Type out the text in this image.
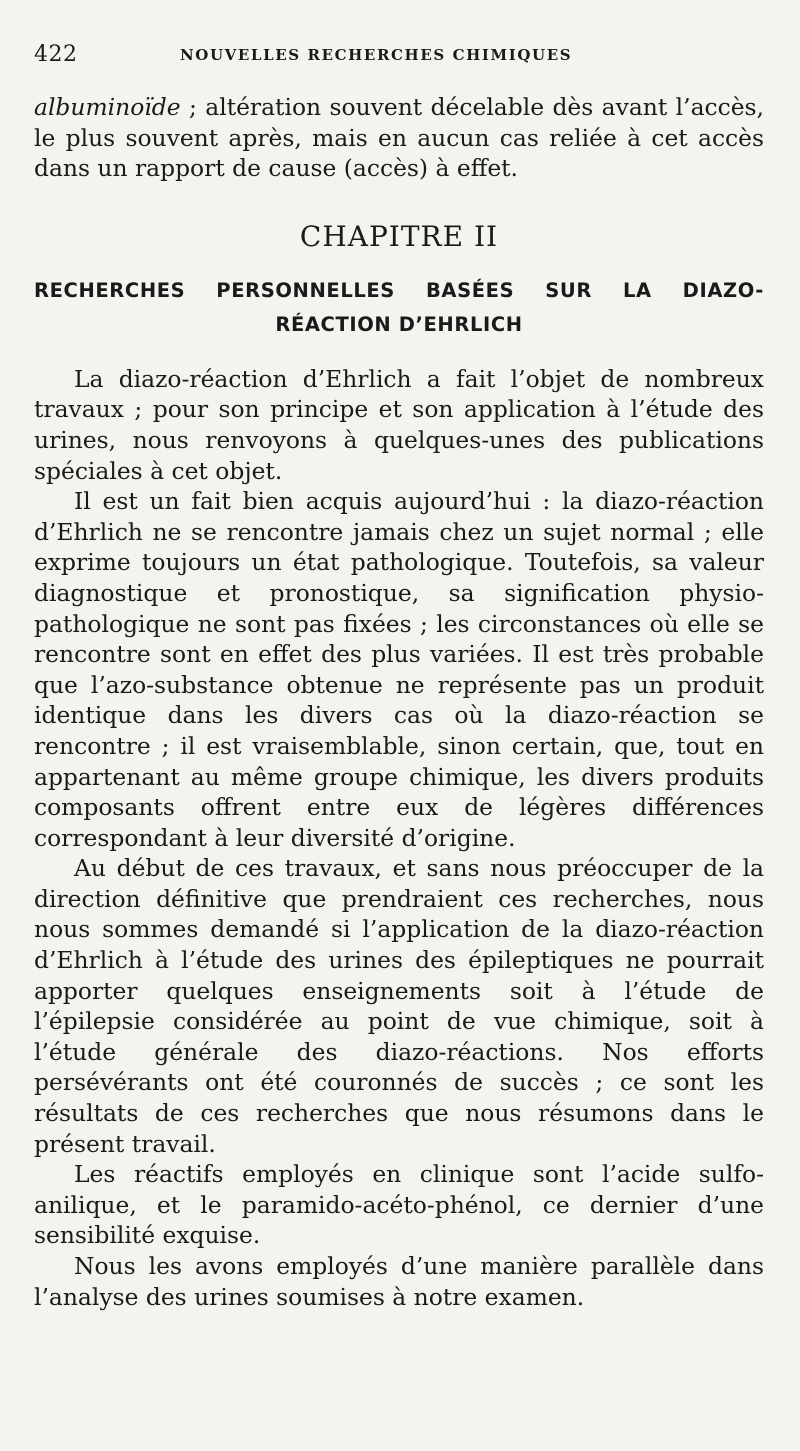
422	NOUVELLES RECHERCHES CHIMIQUES

albuminoïde ; altération souvent décelable dès avant l’accès, le plus souvent après, mais en aucun cas reliée à cet accès dans un rapport de cause (accès) à effet.

CHAPITRE II

RECHERCHES PERSONNELLES BASÉES SUR LA DIAZO-
RÉACTION D’EHRLICH

La diazo-réaction d’Ehrlich a fait l’objet de nombreux travaux ; pour son principe et son application à l’étude des urines, nous renvoyons à quelques-unes des publications spéciales à cet objet.

Il est un fait bien acquis aujourd’hui : la diazo-réaction d’Ehrlich ne se rencontre jamais chez un sujet normal ; elle exprime toujours un état pathologique. Toutefois, sa valeur diagnostique et pronostique, sa signification physio-pathologique ne sont pas fixées ; les circonstances où elle se rencontre sont en effet des plus variées. Il est très probable que l’azo-substance obtenue ne représente pas un produit identique dans les divers cas où la diazo-réaction se rencontre ; il est vraisemblable, sinon certain, que, tout en appartenant au même groupe chimique, les divers produits composants offrent entre eux de légères différences correspondant à leur diversité d’origine.

Au début de ces travaux, et sans nous préoccuper de la direction définitive que prendraient ces recherches, nous nous sommes demandé si l’application de la diazo-réaction d’Ehrlich à l’étude des urines des épileptiques ne pourrait apporter quelques enseignements soit à l’étude de l’épilepsie considérée au point de vue chimique, soit à l’étude générale des diazo-réactions. Nos efforts persévérants ont été couronnés de succès ; ce sont les résultats de ces recherches que nous résumons dans le présent travail.

Les réactifs employés en clinique sont l’acide sulfo-anilique, et le paramido-acéto-phénol, ce dernier d’une sensibilité exquise.

Nous les avons employés d’une manière parallèle dans l’analyse des urines soumises à notre examen.
